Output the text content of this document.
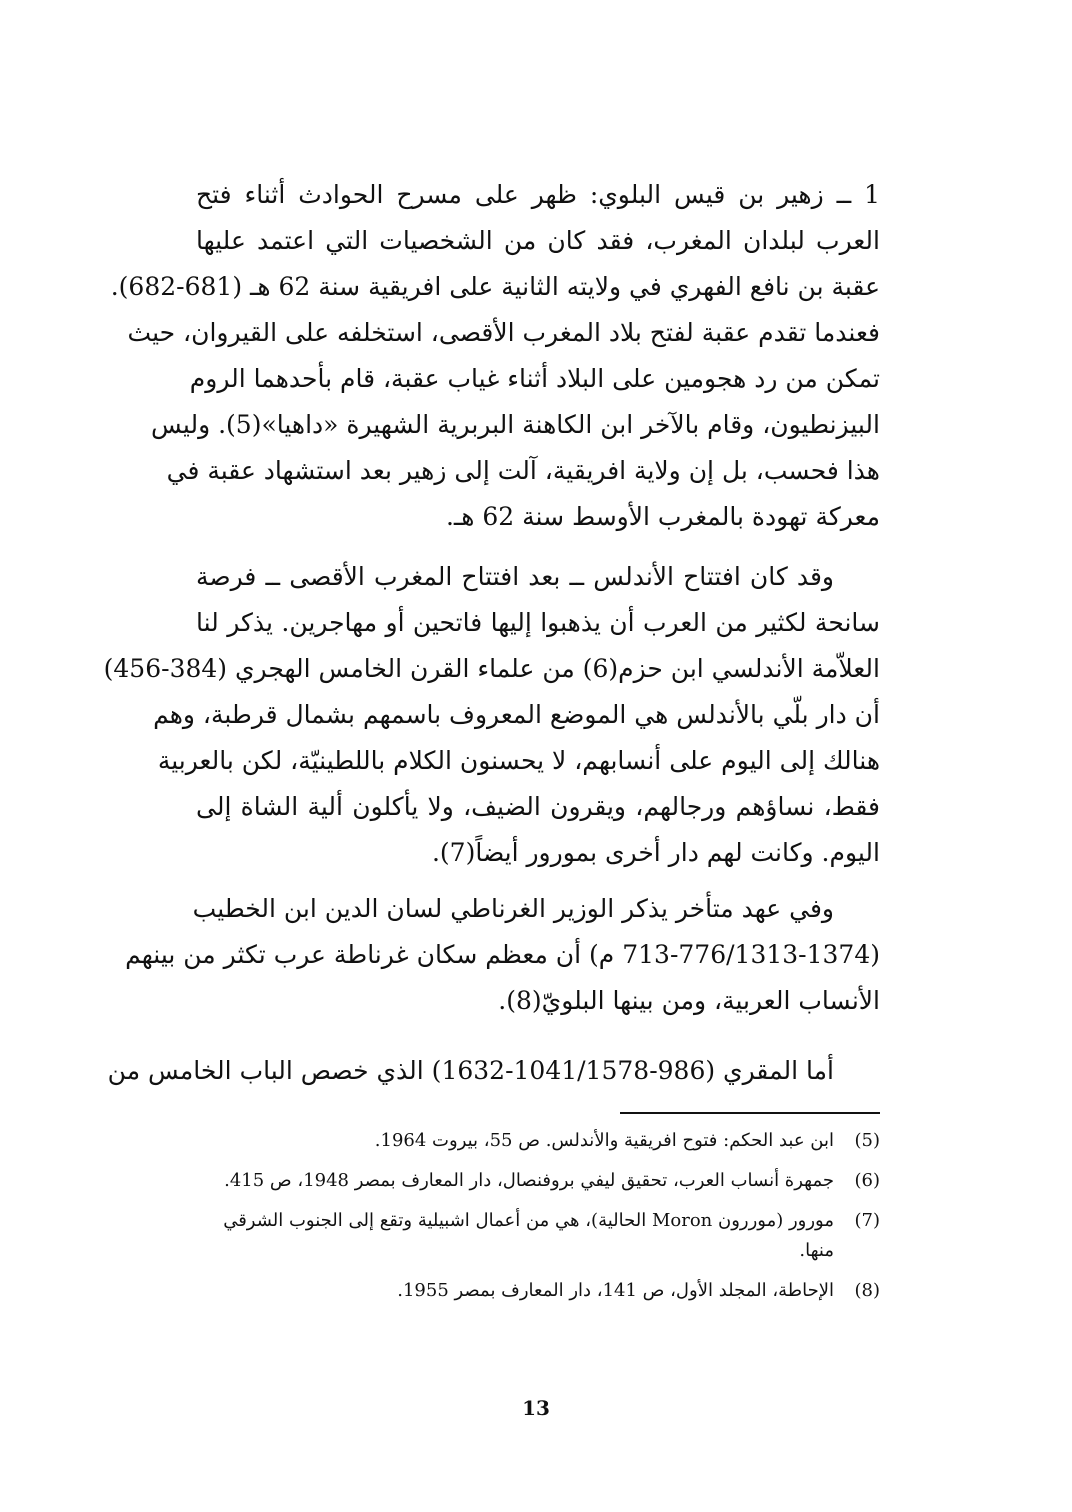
1 ــ زهير بن قيس البلوي: ظهر على مسرح الحوادث أثناء فتح
العرب لبلدان المغرب، فقد كان من الشخصيات التي اعتمد عليها
عقبة بن نافع الفهري في ولايته الثانية على افريقية سنة 62 هـ (681-682).
فعندما تقدم عقبة لفتح بلاد المغرب الأقصى، استخلفه على القيروان، حيث
تمكن من رد هجومين على البلاد أثناء غياب عقبة، قام بأحدهما الروم
البيزنطيون، وقام بالآخر ابن الكاهنة البربرية الشهيرة «داهيا»(5). وليس
هذا فحسب، بل إن ولاية افريقية، آلت إلى زهير بعد استشهاد عقبة في
معركة تهودة بالمغرب الأوسط سنة 62 هـ.
وقد كان افتتاح الأندلس ــ بعد افتتاح المغرب الأقصى ــ فرصة
سانحة لكثير من العرب أن يذهبوا إليها فاتحين أو مهاجرين. يذكر لنا
العلاّمة الأندلسي ابن حزم(6) من علماء القرن الخامس الهجري (384-456)
أن دار بلّي بالأندلس هي الموضع المعروف باسمهم بشمال قرطبة، وهم
هنالك إلى اليوم على أنسابهم، لا يحسنون الكلام باللطينيّة، لكن بالعربية
فقط، نساؤهم ورجالهم، ويقرون الضيف، ولا يأكلون ألية الشاة إلى
اليوم. وكانت لهم دار أخرى بمورور أيضاً(7).
وفي عهد متأخر يذكر الوزير الغرناطي لسان الدين ابن الخطيب
(713-776/1313-1374 م) أن معظم سكان غرناطة عرب تكثر من بينهم
الأنساب العربية، ومن بينها البلويّ(8).
أما المقري (986-1041/1578-1632) الذي خصص الباب الخامس من
(5)
ابن عبد الحكم: فتوح افريقية والأندلس. ص 55، بيروت 1964.
(6)
جمهرة أنساب العرب، تحقيق ليفي بروفنصال، دار المعارف بمصر 1948، ص 415.
(7)
مورور (موررون Moron الحالية)، هي من أعمال اشبيلية وتقع إلى الجنوب الشرقي منها.
(8)
الإحاطة، المجلد الأول، ص 141، دار المعارف بمصر 1955.
13
